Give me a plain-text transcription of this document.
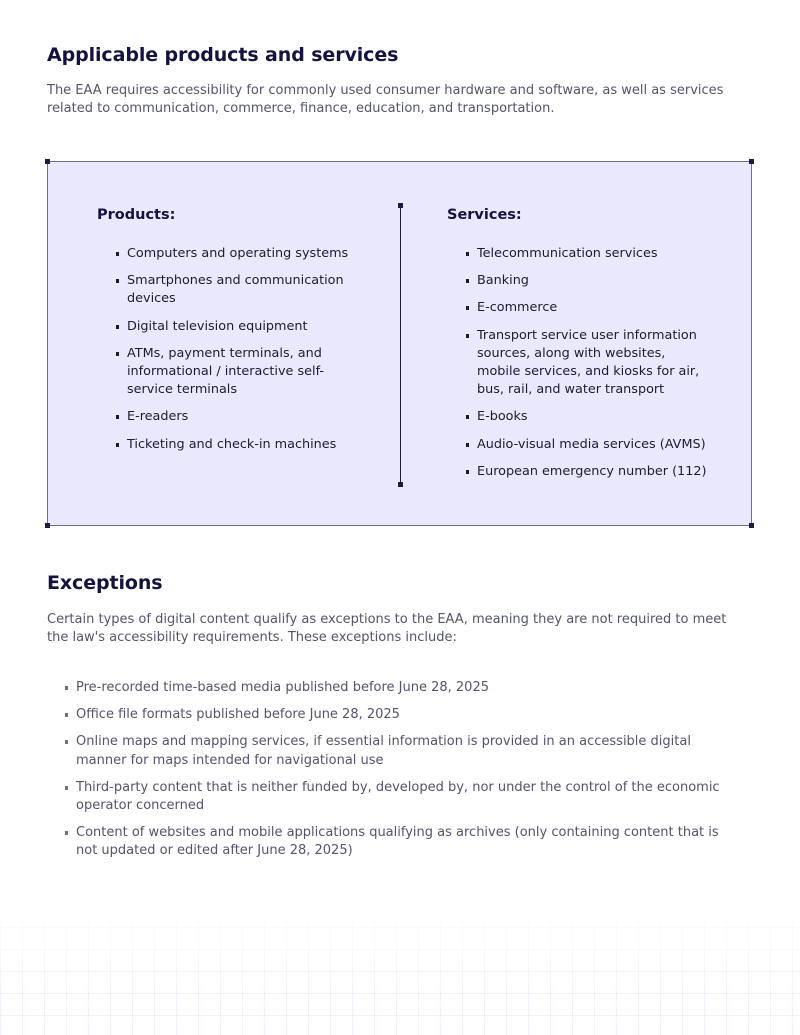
Applicable products and services

The EAA requires accessibility for commonly used consumer hardware and software, as well as services related to communication, commerce, finance, education, and transportation.

Products:
Computers and operating systems
Smartphones and communication devices
Digital television equipment
ATMs, payment terminals, and informational / interactive self-service terminals
E-readers
Ticketing and check-in machines
Services:
Telecommunication services
Banking
E-commerce
Transport service user information sources, along with websites, mobile services, and kiosks for air, bus, rail, and water transport
E-books
Audio-visual media services (AVMS)
European emergency number (112)
Exceptions

Certain types of digital content qualify as exceptions to the EAA, meaning they are not required to meet the law's accessibility requirements. These exceptions include:

Pre-recorded time-based media published before June 28, 2025
Office file formats published before June 28, 2025
Online maps and mapping services, if essential information is provided in an accessible digital manner for maps intended for navigational use
Third-party content that is neither funded by, developed by, nor under the control of the economic operator concerned
Content of websites and mobile applications qualifying as archives (only containing content that is not updated or edited after June 28, 2025)
